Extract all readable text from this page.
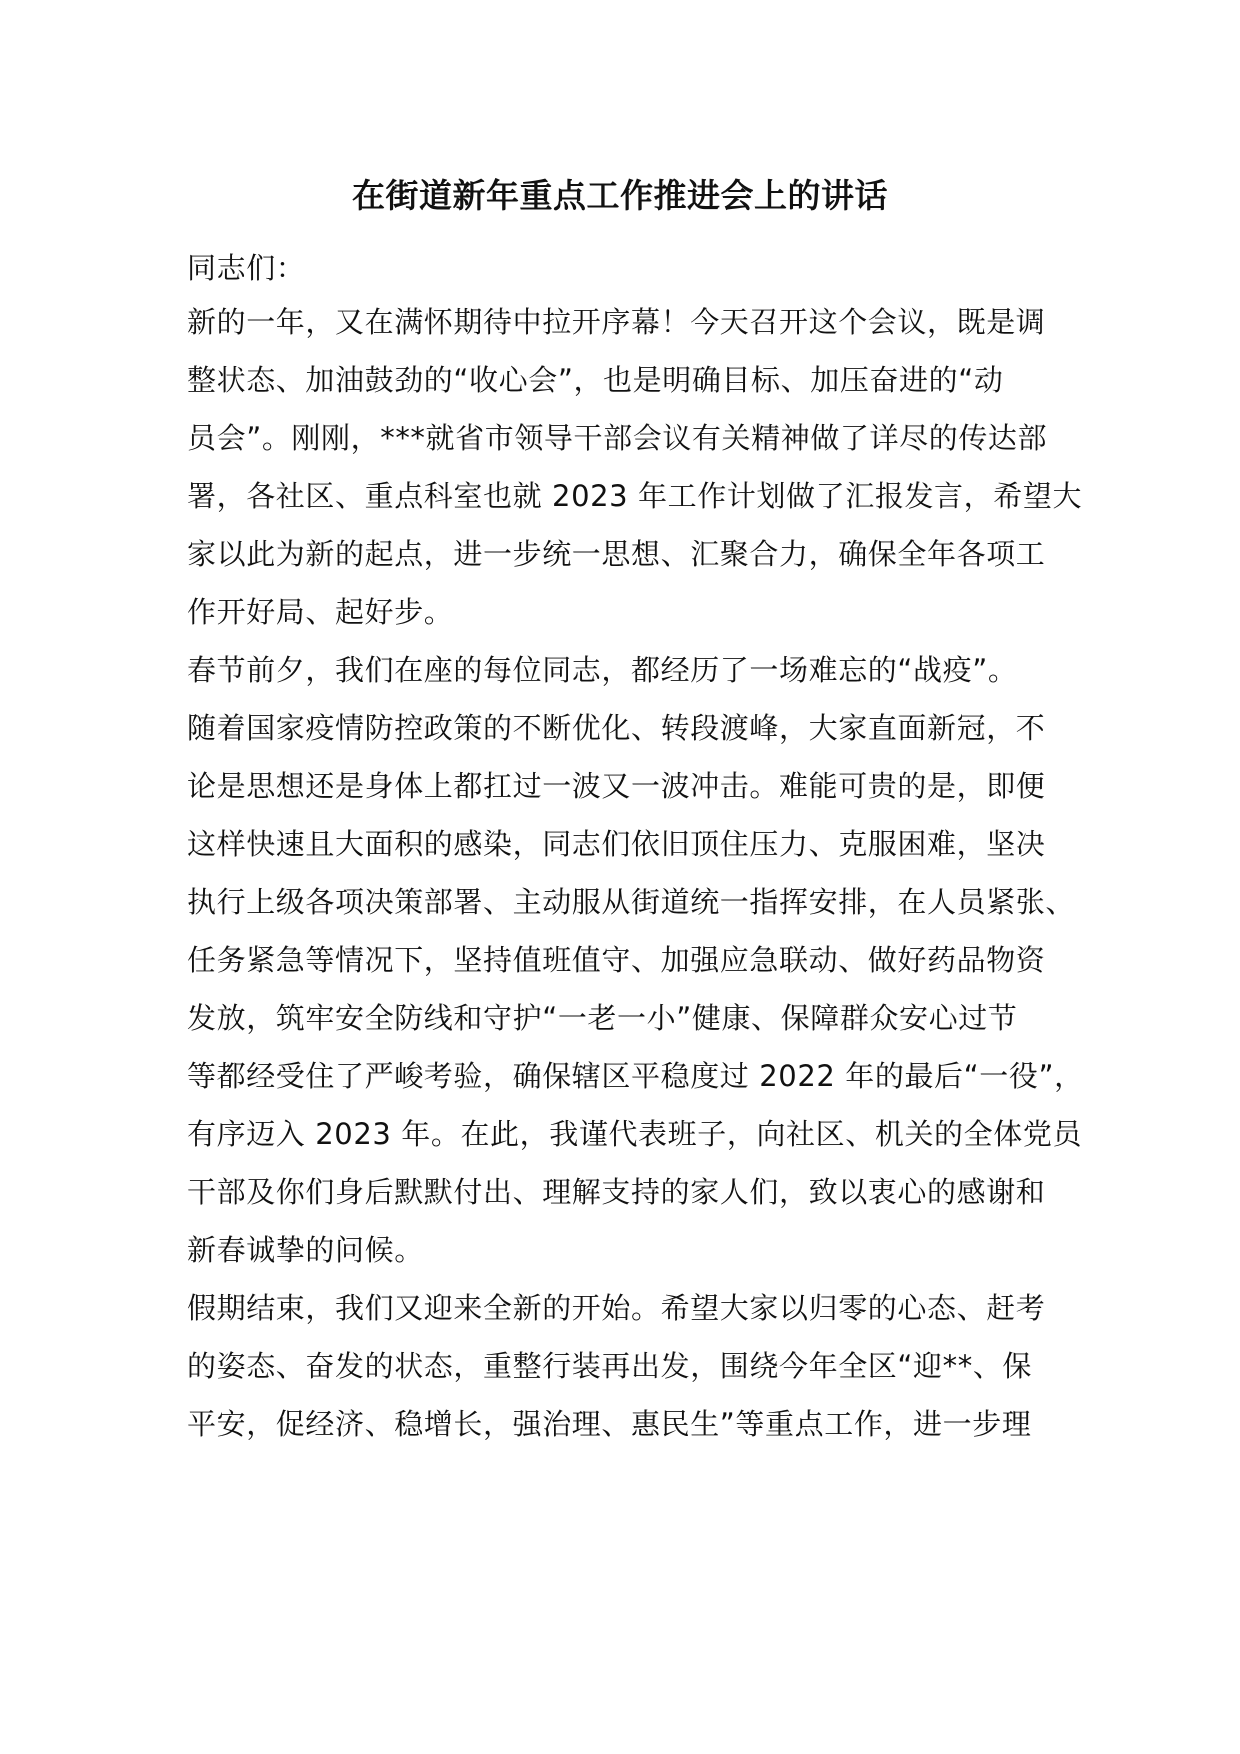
在街道新年重点工作推进会上的讲话
同志们：
新的一年，又在满怀期待中拉开序幕！今天召开这个会议，既是调
整状态、加油鼓劲的“收心会”，也是明确目标、加压奋进的“动
员会”。刚刚，***就省市领导干部会议有关精神做了详尽的传达部
署，各社区、重点科室也就 2023 年工作计划做了汇报发言，希望大
家以此为新的起点，进一步统一思想、汇聚合力，确保全年各项工
作开好局、起好步。
春节前夕，我们在座的每位同志，都经历了一场难忘的“战疫”。
随着国家疫情防控政策的不断优化、转段渡峰，大家直面新冠，不
论是思想还是身体上都扛过一波又一波冲击。难能可贵的是，即便
这样快速且大面积的感染，同志们依旧顶住压力、克服困难，坚决
执行上级各项决策部署、主动服从街道统一指挥安排，在人员紧张、
任务紧急等情况下，坚持值班值守、加强应急联动、做好药品物资
发放，筑牢安全防线和守护“一老一小”健康、保障群众安心过节
等都经受住了严峻考验，确保辖区平稳度过 2022 年的最后“一役”，
有序迈入 2023 年。在此，我谨代表班子，向社区、机关的全体党员
干部及你们身后默默付出、理解支持的家人们，致以衷心的感谢和
新春诚挚的问候。
假期结束，我们又迎来全新的开始。希望大家以归零的心态、赶考
的姿态、奋发的状态，重整行装再出发，围绕今年全区“迎**、保
平安，促经济、稳增长，强治理、惠民生”等重点工作，进一步理
